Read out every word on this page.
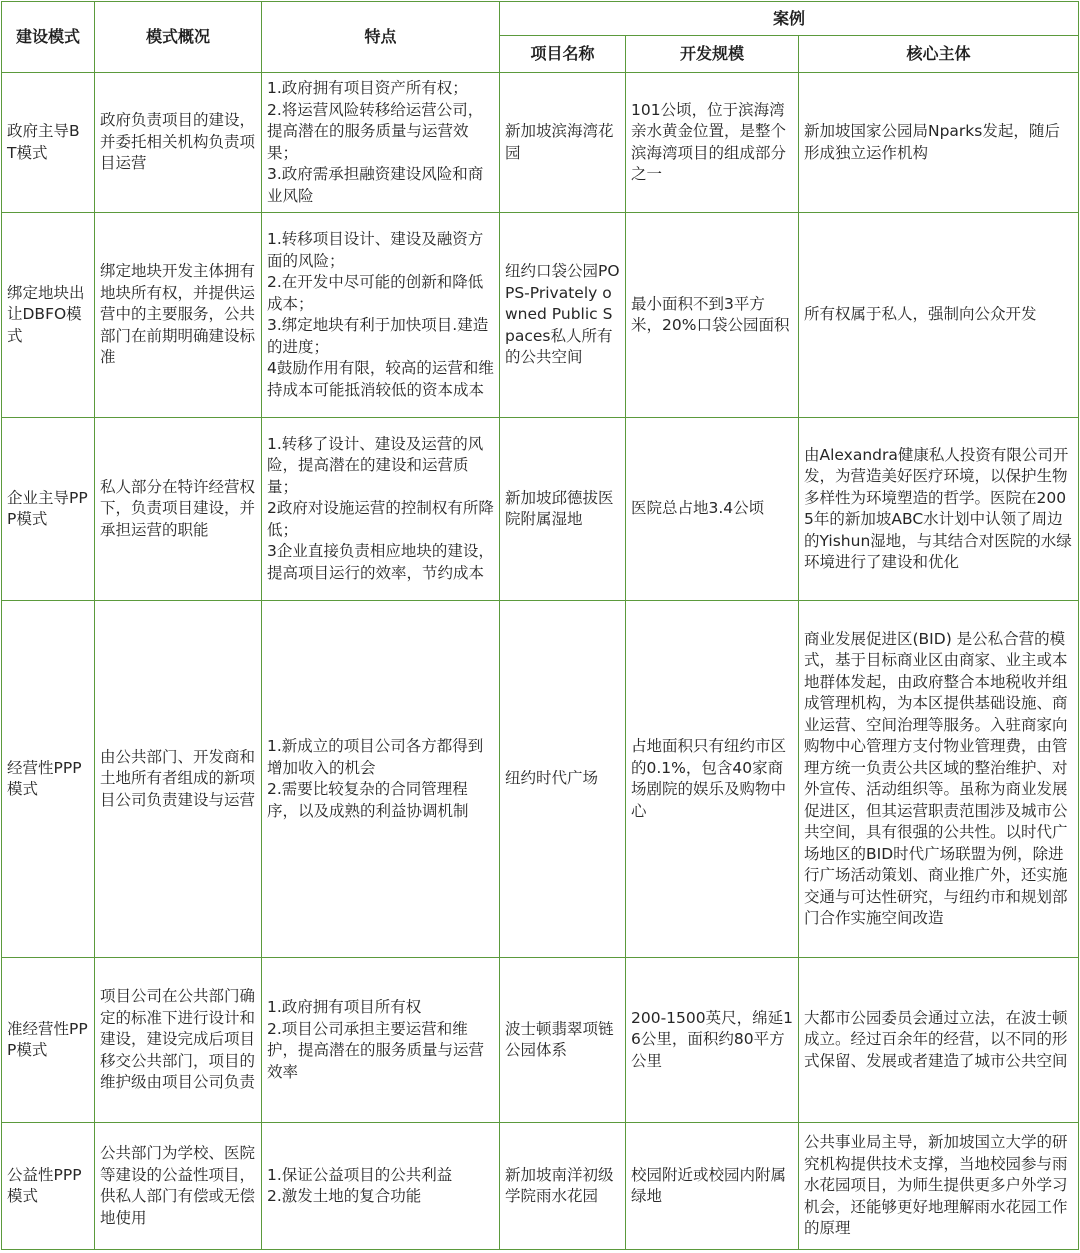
建设模式	模式概况	特点	案例		
			项目名称	开发规模	核心主体
政府主导BT模式	政府负责项目的建设，并委托相关机构负责项目运营	1.政府拥有项目资产所有权；
2.将运营风险转移给运营公司，提高潜在的服务质量与运营效果；
3.政府需承担融资建设风险和商业风险	新加坡滨海湾花园	101公顷，位于滨海湾亲水黄金位置，是整个滨海湾项目的组成部分之一	新加坡国家公园局Nparks发起，随后形成独立运作机构
绑定地块出让DBFO模式	绑定地块开发主体拥有地块所有权，并提供运营中的主要服务，公共部门在前期明确建设标准	1.转移项目设计、建设及融资方面的风险；
2.在开发中尽可能的创新和降低成本；
3.绑定地块有利于加快项目.建造的进度；
4鼓励作用有限，较高的运营和维持成本可能抵消较低的资本成本	纽约口袋公园POPS-Privately owned Public Spaces私人所有的公共空间	最小面积不到3平方米，20%口袋公园面积	所有权属于私人，强制向公众开发
企业主导PPP模式	私人部分在特许经营权下，负责项目建设，并承担运营的职能	1.转移了设计、建设及运营的风险，提高潜在的建设和运营质量；
2政府对设施运营的控制权有所降低；
3企业直接负责相应地块的建设，提高项目运行的效率，节约成本	新加坡邱德拔医院附属湿地	医院总占地3.4公顷	由Alexandra健康私人投资有限公司开发，为营造美好医疗环境，以保护生物多样性为环境塑造的哲学。医院在2005年的新加坡ABC水计划中认领了周边的Yishun湿地，与其结合对医院的水绿环境进行了建设和优化
经营性PPP模式	由公共部门、开发商和土地所有者组成的新项目公司负责建设与运营	1.新成立的项目公司各方都得到增加收入的机会
2.需要比较复杂的合同管理程序，以及成熟的利益协调机制	纽约时代广场	占地面积只有纽约市区的0.1%，包含40家商场剧院的娱乐及购物中心	商业发展促进区(BID) 是公私合营的模式，基于目标商业区由商家、业主或本地群体发起，由政府整合本地税收并组成管理机构，为本区提供基础设施、商业运营、空间治理等服务。入驻商家向购物中心管理方支付物业管理费，由管理方统一负责公共区域的整治维护、对外宣传、活动组织等。虽称为商业发展促进区，但其运营职责范围涉及城市公共空间，具有很强的公共性。以时代广场地区的BID时代广场联盟为例，除进行广场活动策划、商业推广外，还实施交通与可达性研究，与纽约市和规划部门合作实施空间改造
准经营性PPP模式	项目公司在公共部门确定的标准下进行设计和建设，建设完成后项目移交公共部门，项目的维护级由项目公司负责	1.政府拥有项目所有权
2.项目公司承担主要运营和维护，提高潜在的服务质量与运营效率	波士顿翡翠项链公园体系	200-1500英尺，绵延16公里，面积约80平方公里	大都市公园委员会通过立法，在波士顿成立。经过百余年的经营，以不同的形式保留、发展或者建造了城市公共空间
公益性PPP模式	公共部门为学校、医院等建设的公益性项目，供私人部门有偿或无偿地使用	1.保证公益项目的公共利益
2.激发土地的复合功能	新加坡南洋初级学院雨水花园	校园附近或校园内附属绿地	公共事业局主导，新加坡国立大学的研究机构提供技术支撑，当地校园参与雨水花园项目，为师生提供更多户外学习机会，还能够更好地理解雨水花园工作的原理
